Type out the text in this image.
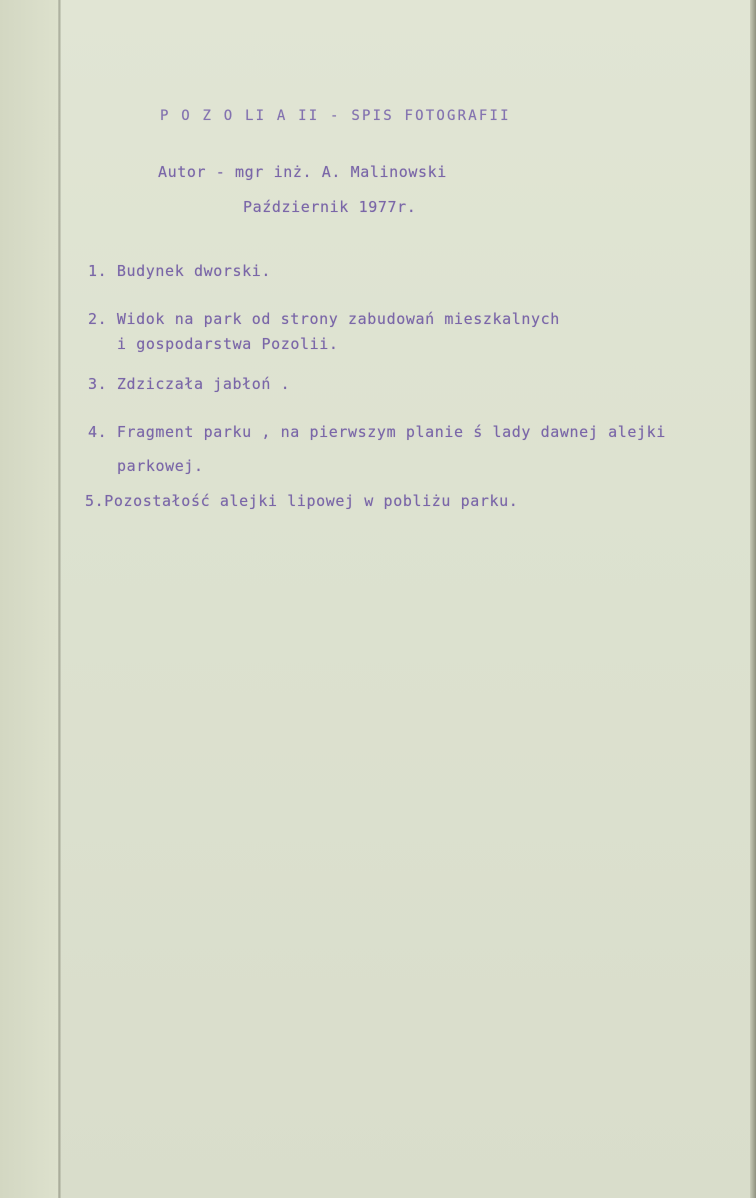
P O Z O LI A II - SPIS FOTOGRAFII
Autor - mgr inż. A. Malinowski
Październik 1977r.
1. Budynek dworski.
2. Widok na park od strony zabudowań mieszkalnych
i gospodarstwa Pozolii.
3. Zdziczała jabłoń .
4. Fragment parku , na pierwszym planie ś lady dawnej alejki
parkowej.
5.Pozostałość alejki lipowej w pobliżu parku.
